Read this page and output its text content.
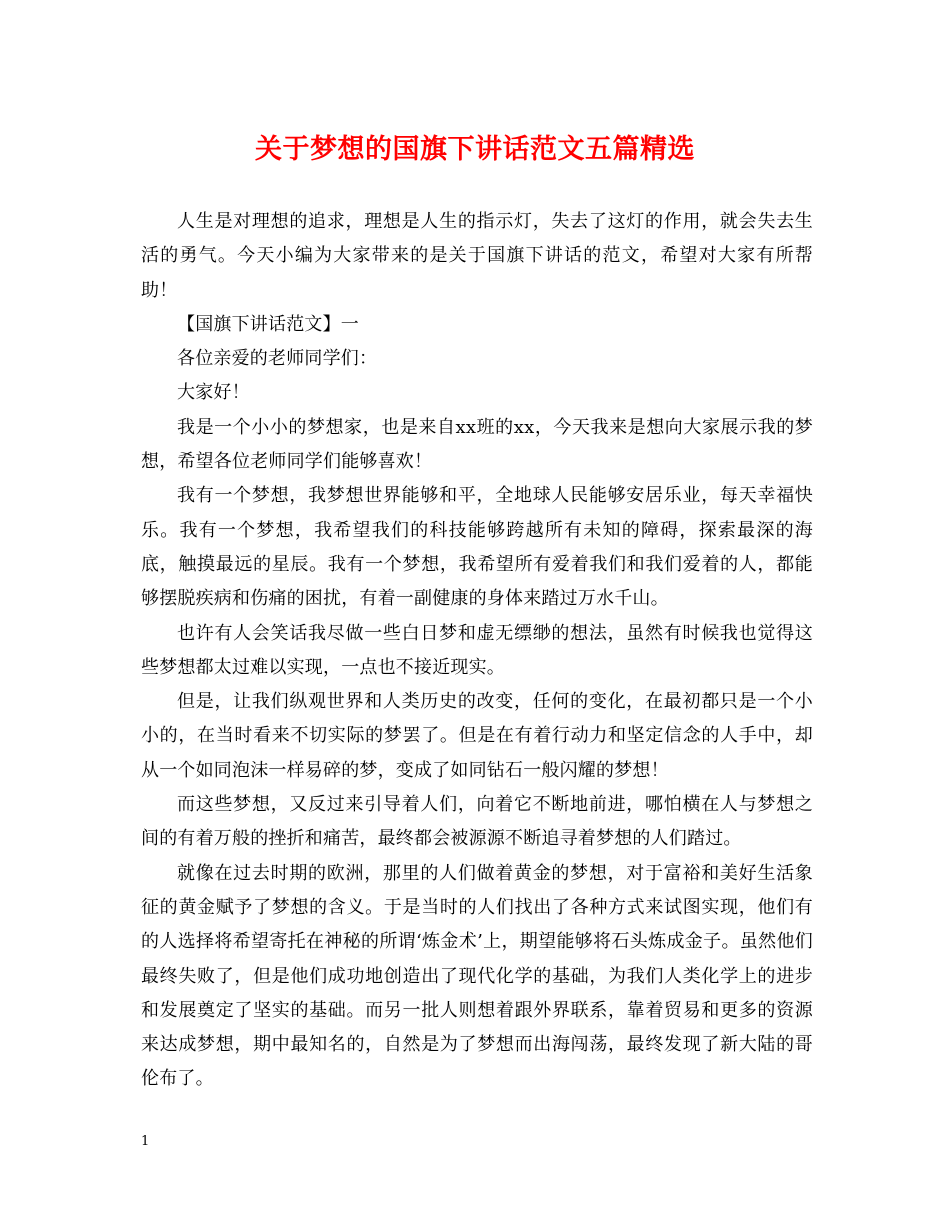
关于梦想的国旗下讲话范文五篇精选

人生是对理想的追求，理想是人生的指示灯，失去了这灯的作用，就会失去生活的勇气。今天小编为大家带来的是关于国旗下讲话的范文，希望对大家有所帮助！

【国旗下讲话范文】一

各位亲爱的老师同学们：

大家好！

我是一个小小的梦想家，也是来自xx班的xx，今天我来是想向大家展示我的梦想，希望各位老师同学们能够喜欢！

我有一个梦想，我梦想世界能够和平，全地球人民能够安居乐业，每天幸福快乐。我有一个梦想，我希望我们的科技能够跨越所有未知的障碍，探索最深的海底，触摸最远的星辰。我有一个梦想，我希望所有爱着我们和我们爱着的人，都能够摆脱疾病和伤痛的困扰，有着一副健康的身体来踏过万水千山。

也许有人会笑话我尽做一些白日梦和虚无缥缈的想法，虽然有时候我也觉得这些梦想都太过难以实现，一点也不接近现实。

但是，让我们纵观世界和人类历史的改变，任何的变化，在最初都只是一个小小的，在当时看来不切实际的梦罢了。但是在有着行动力和坚定信念的人手中，却从一个如同泡沫一样易碎的梦，变成了如同钻石一般闪耀的梦想！

而这些梦想，又反过来引导着人们，向着它不断地前进，哪怕横在人与梦想之间的有着万般的挫折和痛苦，最终都会被源源不断追寻着梦想的人们踏过。

就像在过去时期的欧洲，那里的人们做着黄金的梦想，对于富裕和美好生活象征的黄金赋予了梦想的含义。于是当时的人们找出了各种方式来试图实现，他们有的人选择将希望寄托在神秘的所谓‘炼金术’上，期望能够将石头炼成金子。虽然他们最终失败了，但是他们成功地创造出了现代化学的基础，为我们人类化学上的进步和发展奠定了坚实的基础。而另一批人则想着跟外界联系，靠着贸易和更多的资源来达成梦想，期中最知名的，自然是为了梦想而出海闯荡，最终发现了新大陆的哥伦布了。

1
